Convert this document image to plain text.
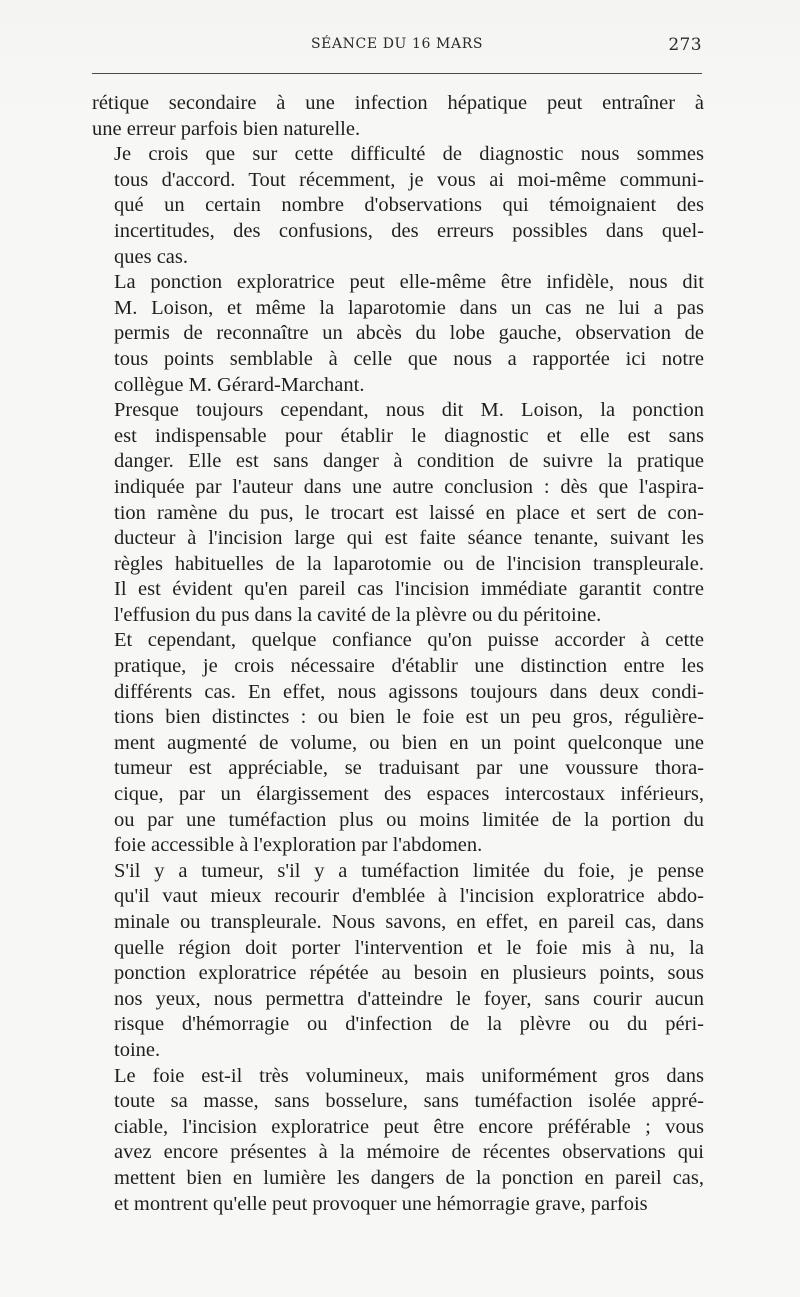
SÉANCE DU 16 MARS	273

rétique secondaire à une infection hépatique peut entraîner à
une erreur parfois bien naturelle.

Je crois que sur cette difficulté de diagnostic nous sommes
tous d'accord. Tout récemment, je vous ai moi-même communi-
qué un certain nombre d'observations qui témoignaient des
incertitudes, des confusions, des erreurs possibles dans quel-
ques cas.

La ponction exploratrice peut elle-même être infidèle, nous dit
M. Loison, et même la laparotomie dans un cas ne lui a pas
permis de reconnaître un abcès du lobe gauche, observation de
tous points semblable à celle que nous a rapportée ici notre
collègue M. Gérard-Marchant.

Presque toujours cependant, nous dit M. Loison, la ponction
est indispensable pour établir le diagnostic et elle est sans
danger. Elle est sans danger à condition de suivre la pratique
indiquée par l'auteur dans une autre conclusion : dès que l'aspira-
tion ramène du pus, le trocart est laissé en place et sert de con-
ducteur à l'incision large qui est faite séance tenante, suivant les
règles habituelles de la laparotomie ou de l'incision transpleurale.
Il est évident qu'en pareil cas l'incision immédiate garantit contre
l'effusion du pus dans la cavité de la plèvre ou du péritoine.

Et cependant, quelque confiance qu'on puisse accorder à cette
pratique, je crois nécessaire d'établir une distinction entre les
différents cas. En effet, nous agissons toujours dans deux condi-
tions bien distinctes : ou bien le foie est un peu gros, régulière-
ment augmenté de volume, ou bien en un point quelconque une
tumeur est appréciable, se traduisant par une voussure thora-
cique, par un élargissement des espaces intercostaux inférieurs,
ou par une tuméfaction plus ou moins limitée de la portion du
foie accessible à l'exploration par l'abdomen.

S'il y a tumeur, s'il y a tuméfaction limitée du foie, je pense
qu'il vaut mieux recourir d'emblée à l'incision exploratrice abdo-
minale ou transpleurale. Nous savons, en effet, en pareil cas, dans
quelle région doit porter l'intervention et le foie mis à nu, la
ponction exploratrice répétée au besoin en plusieurs points, sous
nos yeux, nous permettra d'atteindre le foyer, sans courir aucun
risque d'hémorragie ou d'infection de la plèvre ou du péri-
toine.

Le foie est-il très volumineux, mais uniformément gros dans
toute sa masse, sans bosselure, sans tuméfaction isolée appré-
ciable, l'incision exploratrice peut être encore préférable ; vous
avez encore présentes à la mémoire de récentes observations qui
mettent bien en lumière les dangers de la ponction en pareil cas,
et montrent qu'elle peut provoquer une hémorragie grave, parfois
